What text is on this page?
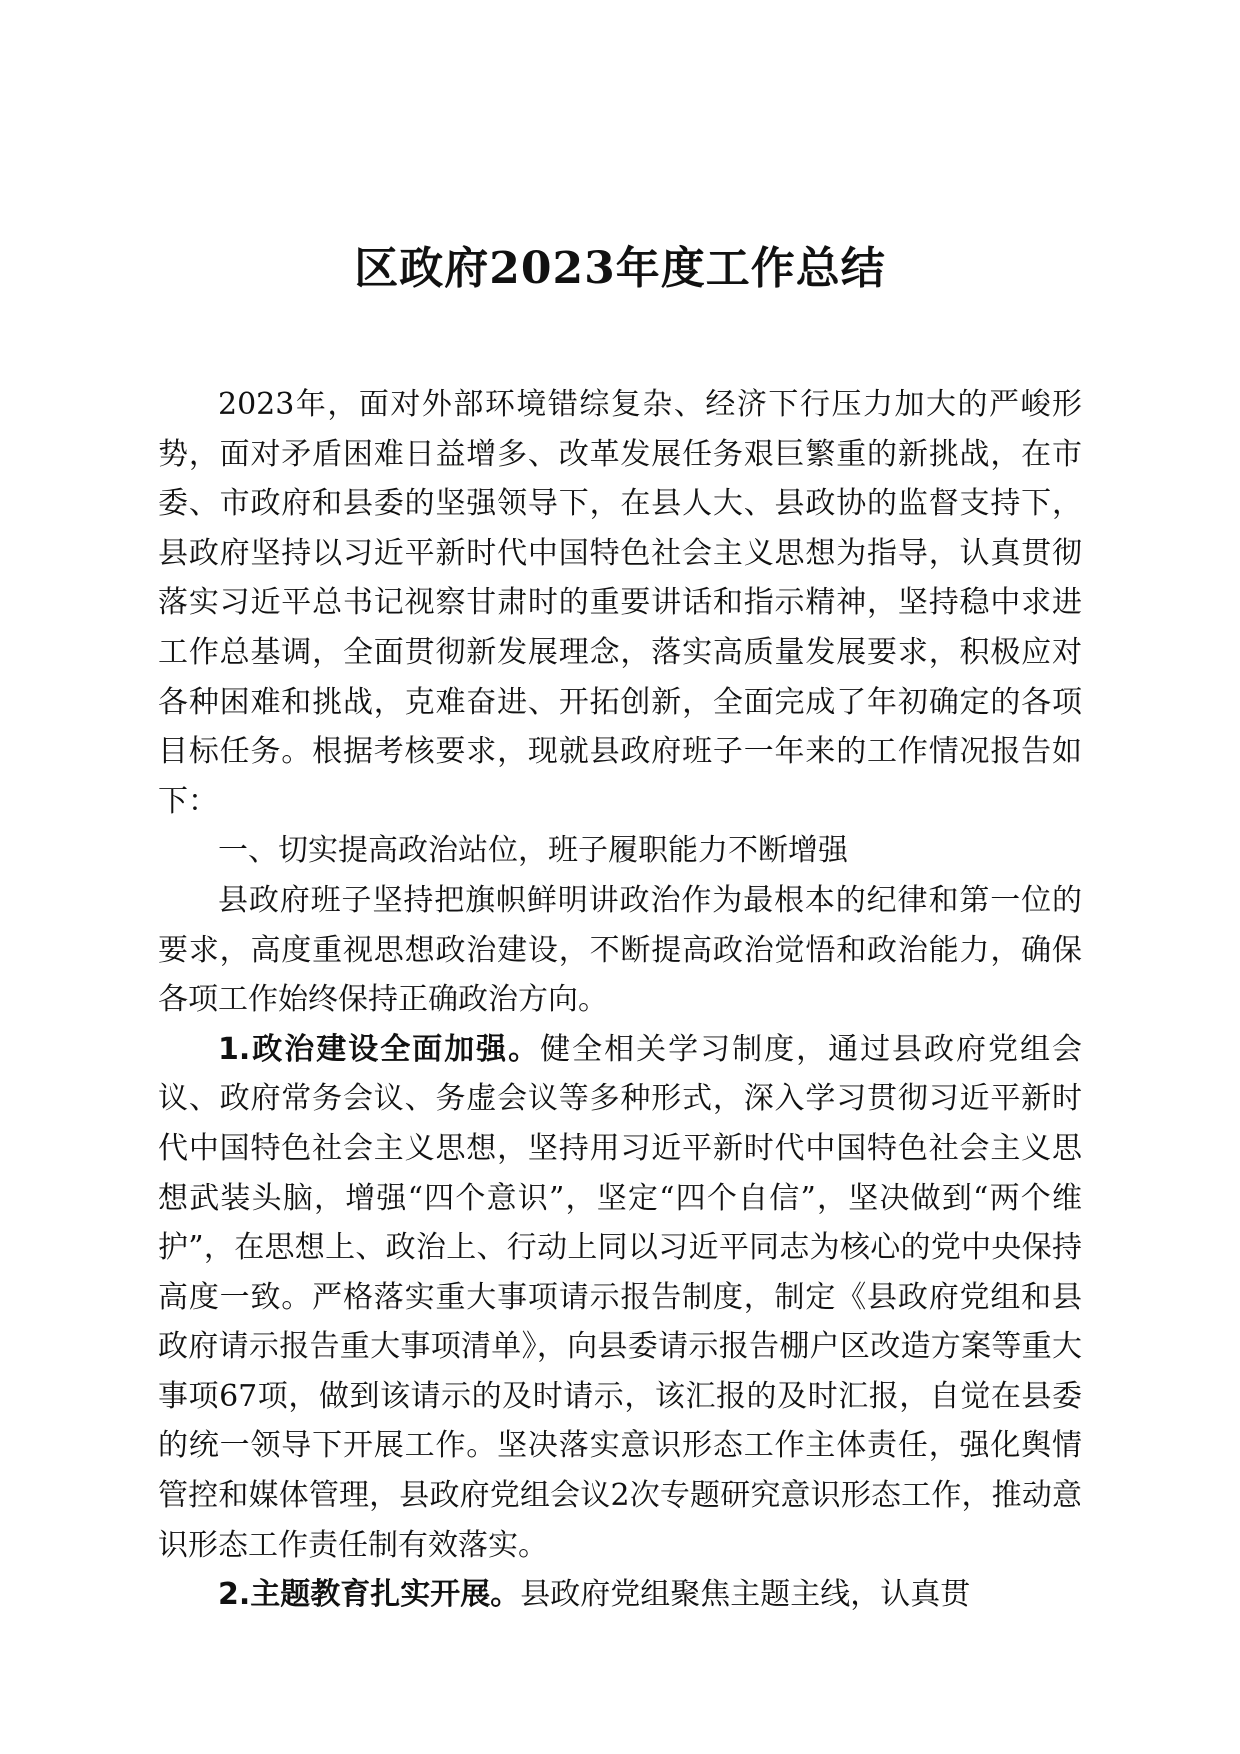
区政府2023年度工作总结

2023年，面对外部环境错综复杂、经济下行压力加大的严峻形势，面对矛盾困难日益增多、改革发展任务艰巨繁重的新挑战，在市委、市政府和县委的坚强领导下，在县人大、县政协的监督支持下，县政府坚持以习近平新时代中国特色社会主义思想为指导，认真贯彻落实习近平总书记视察甘肃时的重要讲话和指示精神，坚持稳中求进工作总基调，全面贯彻新发展理念，落实高质量发展要求，积极应对各种困难和挑战，克难奋进、开拓创新，全面完成了年初确定的各项目标任务。根据考核要求，现就县政府班子一年来的工作情况报告如下：

一、切实提高政治站位，班子履职能力不断增强

县政府班子坚持把旗帜鲜明讲政治作为最根本的纪律和第一位的要求，高度重视思想政治建设，不断提高政治觉悟和政治能力，确保各项工作始终保持正确政治方向。

1.政治建设全面加强。健全相关学习制度，通过县政府党组会议、政府常务会议、务虚会议等多种形式，深入学习贯彻习近平新时代中国特色社会主义思想，坚持用习近平新时代中国特色社会主义思想武装头脑，增强“四个意识”，坚定“四个自信”，坚决做到“两个维护”，在思想上、政治上、行动上同以习近平同志为核心的党中央保持高度一致。严格落实重大事项请示报告制度，制定《县政府党组和县政府请示报告重大事项清单》，向县委请示报告棚户区改造方案等重大事项67项，做到该请示的及时请示，该汇报的及时汇报，自觉在县委的统一领导下开展工作。坚决落实意识形态工作主体责任，强化舆情管控和媒体管理，县政府党组会议2次专题研究意识形态工作，推动意识形态工作责任制有效落实。

2.主题教育扎实开展。县政府党组聚焦主题主线，认真贯
